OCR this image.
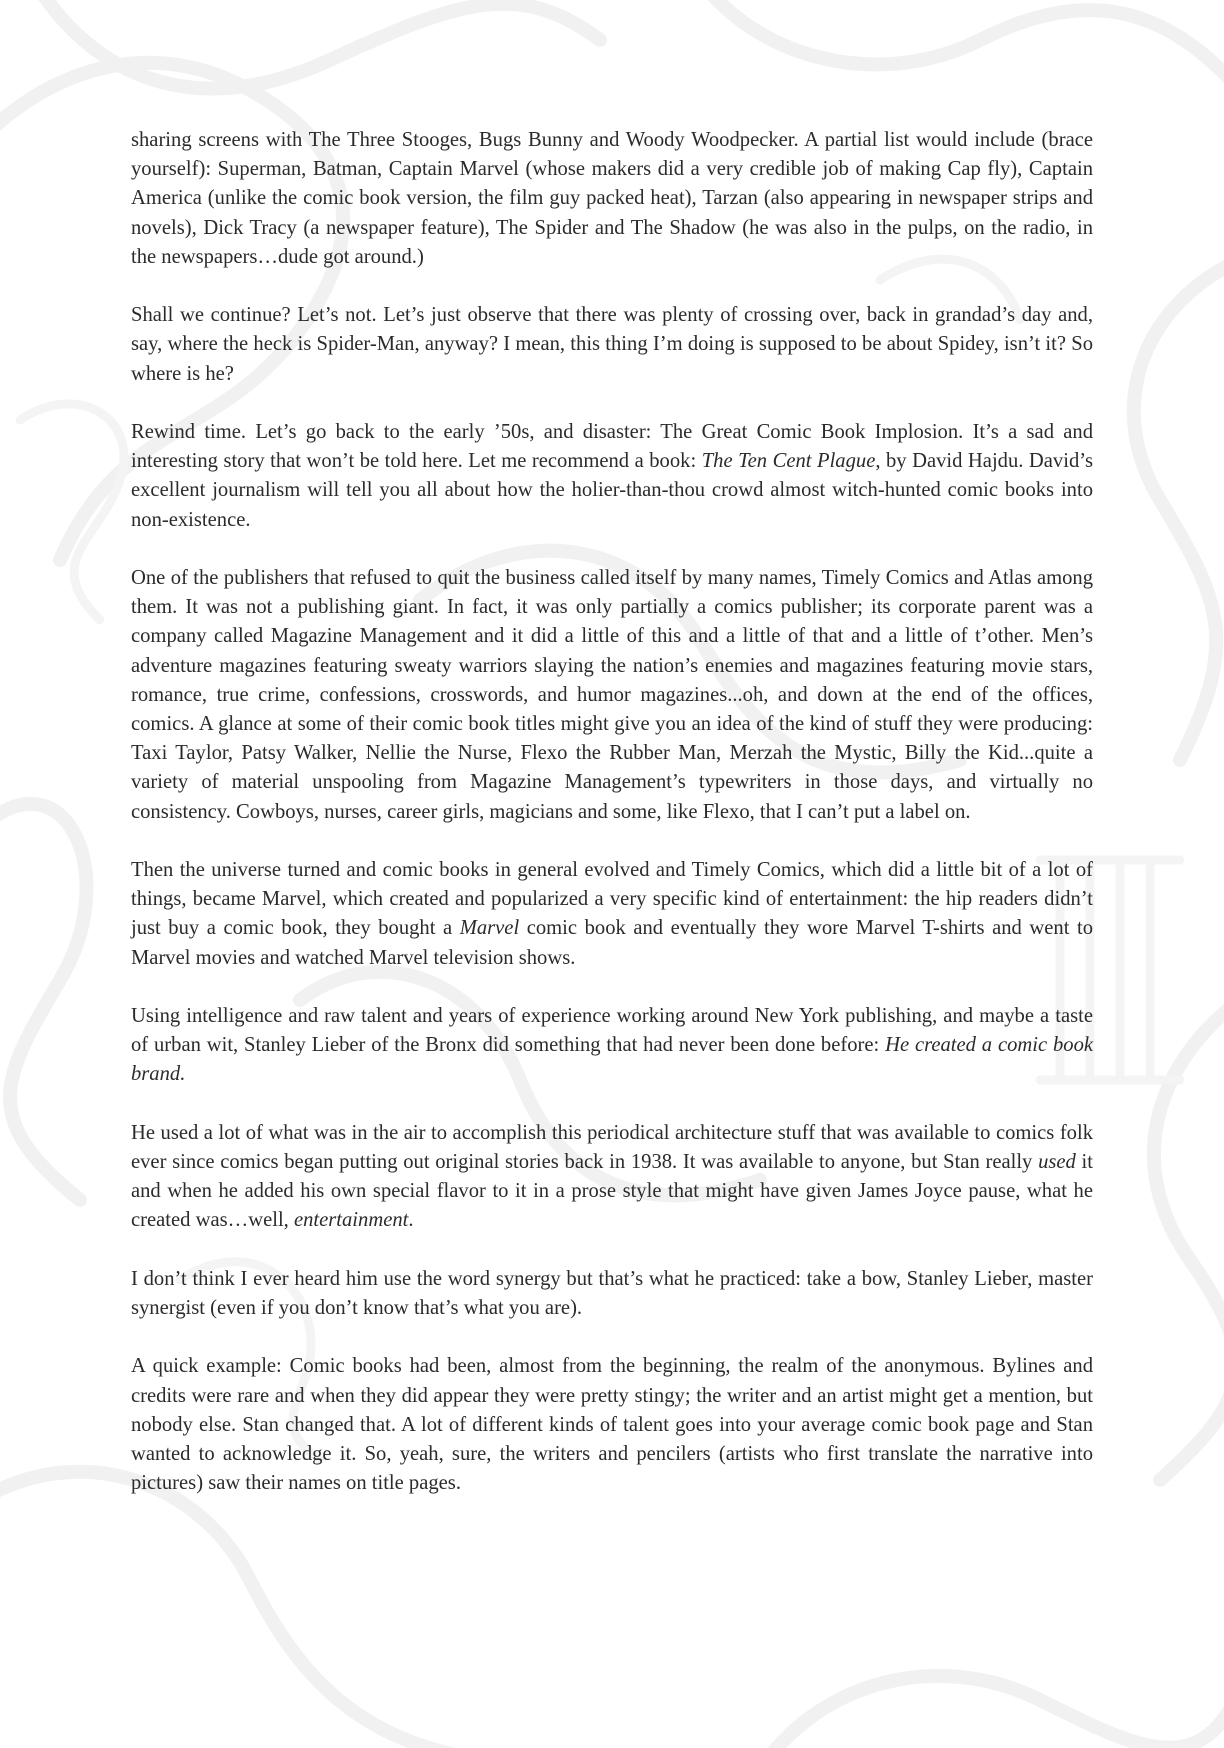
sharing screens with The Three Stooges, Bugs Bunny and Woody Woodpecker. A partial list would include (brace yourself): Superman, Batman, Captain Marvel (whose makers did a very credible job of making Cap fly), Captain America (unlike the comic book version, the film guy packed heat), Tarzan (also appearing in newspaper strips and novels), Dick Tracy (a newspaper feature), The Spider and The Shadow (he was also in the pulps, on the radio, in the newspapers…dude got around.)

Shall we continue? Let’s not. Let’s just observe that there was plenty of crossing over, back in grandad’s day and, say, where the heck is Spider-Man, anyway? I mean, this thing I’m doing is supposed to be about Spidey, isn’t it? So where is he?

Rewind time. Let’s go back to the early ’50s, and disaster: The Great Comic Book Implosion. It’s a sad and interesting story that won’t be told here. Let me recommend a book: The Ten Cent Plague, by David Hajdu. David’s excellent journalism will tell you all about how the holier-than-thou crowd almost witch-hunted comic books into non-existence.

One of the publishers that refused to quit the business called itself by many names, Timely Comics and Atlas among them. It was not a publishing giant. In fact, it was only partially a comics publisher; its corporate parent was a company called Magazine Management and it did a little of this and a little of that and a little of t’other. Men’s adventure magazines featuring sweaty warriors slaying the nation’s enemies and magazines featuring movie stars, romance, true crime, confessions, crosswords, and humor magazines...oh, and down at the end of the offices, comics. A glance at some of their comic book titles might give you an idea of the kind of stuff they were producing: Taxi Taylor, Patsy Walker, Nellie the Nurse, Flexo the Rubber Man, Merzah the Mystic, Billy the Kid...quite a variety of material unspooling from Magazine Management’s typewriters in those days, and virtually no consistency. Cowboys, nurses, career girls, magicians and some, like Flexo, that I can’t put a label on.

Then the universe turned and comic books in general evolved and Timely Comics, which did a little bit of a lot of things, became Marvel, which created and popularized a very specific kind of entertainment: the hip readers didn’t just buy a comic book, they bought a Marvel comic book and eventually they wore Marvel T-shirts and went to Marvel movies and watched Marvel television shows.

Using intelligence and raw talent and years of experience working around New York publishing, and maybe a taste of urban wit, Stanley Lieber of the Bronx did something that had never been done before: He created a comic book brand.

He used a lot of what was in the air to accomplish this periodical architecture stuff that was available to comics folk ever since comics began putting out original stories back in 1938. It was available to anyone, but Stan really used it and when he added his own special flavor to it in a prose style that might have given James Joyce pause, what he created was…well, entertainment.

I don’t think I ever heard him use the word synergy but that’s what he practiced: take a bow, Stanley Lieber, master synergist (even if you don’t know that’s what you are).

A quick example: Comic books had been, almost from the beginning, the realm of the anonymous. Bylines and credits were rare and when they did appear they were pretty stingy; the writer and an artist might get a mention, but nobody else. Stan changed that. A lot of different kinds of talent goes into your average comic book page and Stan wanted to acknowledge it. So, yeah, sure, the writers and pencilers (artists who first translate the narrative into pictures) saw their names on title pages.
